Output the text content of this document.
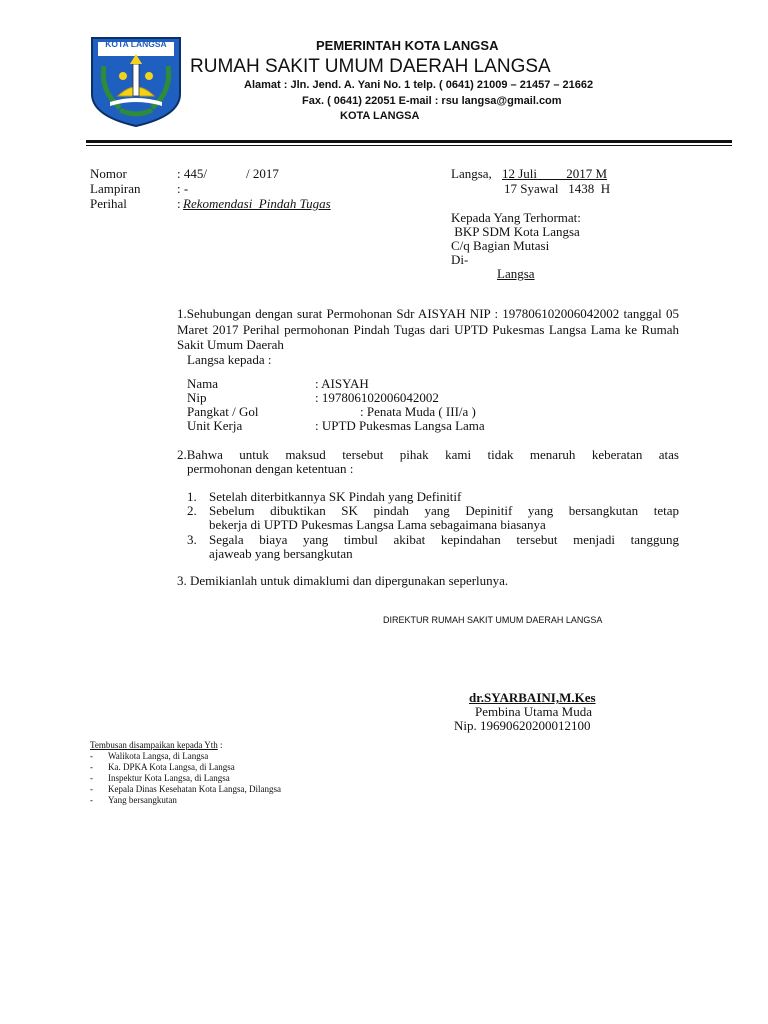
KOTA LANGSA	PEMERINTAH KOTA LANGSA
RUMAH SAKIT UMUM DAERAH LANGSA
Alamat : Jln. Jend. A. Yani No. 1 telp. ( 0641) 21009 – 21457 – 21662
Fax. ( 0641) 22051 E-mail : rsu langsa@gmail.com
KOTA LANGSA
Nomor	: 445/            / 2017
Lampiran	: -
Perihal	: Rekomendasi  Pindah Tugas
Langsa, 12 Juli         2017 M
17 Syawal   1438  H
Kepada Yang Terhormat:
BKP SDM Kota Langsa
C/q Bagian Mutasi
Di-
Langsa
1.Sehubungan dengan surat Permohonan Sdr AISYAH NIP : 197806102006042002 tanggal 05 Maret 2017 Perihal permohonan Pindah Tugas dari UPTD Pukesmas Langsa Lama ke Rumah Sakit Umum Daerah
Langsa kepada :
Nama	: AISYAH
Nip	: 197806102006042002
Pangkat / Gol	: Penata Muda ( III/a )
Unit Kerja	: UPTD Pukesmas Langsa Lama
2.Bahwa untuk maksud tersebut pihak kami tidak menaruh keberatan atas
permohonan dengan ketentuan :
1. Setelah diterbitkannya SK Pindah yang Definitif
2. Sebelum dibuktikan SK pindah yang Depinitif yang bersangkutan tetap
bekerja di UPTD Pukesmas Langsa Lama sebagaimana biasanya
3. Segala biaya yang timbul akibat kepindahan tersebut menjadi tanggung
ajaweab yang bersangkutan
3. Demikianlah untuk dimaklumi dan dipergunakan seperlunya.
DIREKTUR RUMAH SAKIT UMUM DAERAH LANGSA
dr.SYARBAINI,M.Kes
Pembina Utama Muda
Nip. 19690620200012100
Tembusan disampaikan kepada Yth :
- Walikota Langsa, di Langsa
- Ka. DPKA Kota Langsa, di Langsa
- Inspektur Kota Langsa, di Langsa
- Kepala Dinas Kesehatan Kota Langsa, Dilangsa
- Yang bersangkutan
